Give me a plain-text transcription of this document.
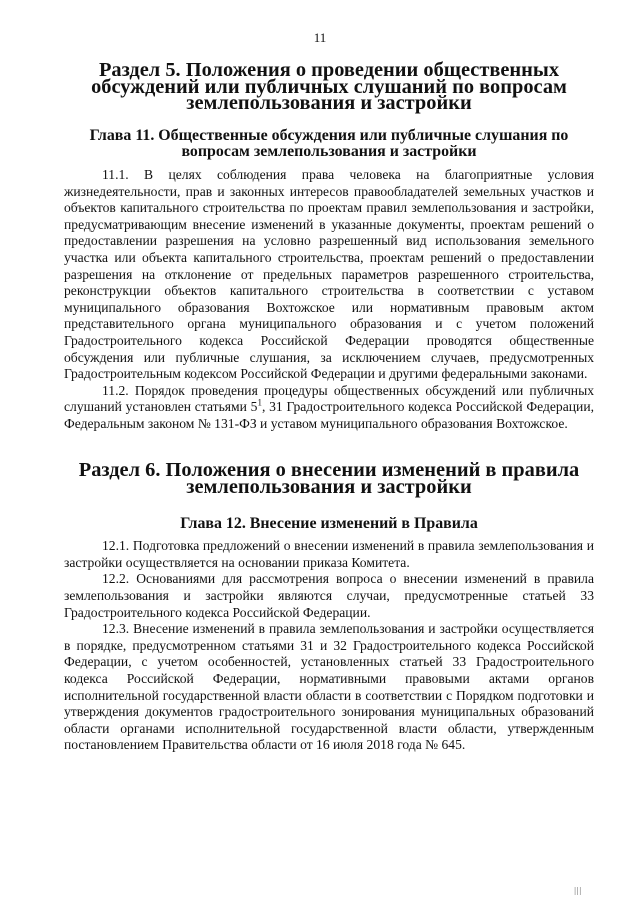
11
Раздел 5. Положения о проведении общественных обсуждений или публичных слушаний по вопросам землепользования и застройки
Глава 11. Общественные обсуждения или публичные слушания по вопросам землепользования и застройки

11.1. В целях соблюдения права человека на благоприятные условия жизнедеятельности, прав и законных интересов правообладателей земельных участков и объектов капитального строительства по проектам правил землепользования и застройки, предусматривающим внесение изменений в указанные документы, проектам решений о предоставлении разрешения на условно разрешенный вид использования земельного участка или объекта капитального строительства, проектам решений о предоставлении разрешения на отклонение от предельных параметров разрешенного строительства, реконструкции объектов капитального строительства в соответствии с уставом муниципального образования Вохтожское или нормативным правовым актом представительного органа муниципального образования и с учетом положений Градостроительного кодекса Российской Федерации проводятся общественные обсуждения или публичные слушания, за исключением случаев, предусмотренных Градостроительным кодексом Российской Федерации и другими федеральными законами.

11.2. Порядок проведения процедуры общественных обсуждений или публичных слушаний установлен статьями $5^1$, 31 Градостроительного кодекса Российской Федерации, Федеральным законом № 131-ФЗ и уставом муниципального образования Вохтожское.

Раздел 6. Положения о внесении изменений в правила землепользования и застройки
Глава 12. Внесение изменений в Правила

12.1. Подготовка предложений о внесении изменений в правила землепользования и застройки осуществляется на основании приказа Комитета.

12.2. Основаниями для рассмотрения вопроса о внесении изменений в правила землепользования и застройки являются случаи, предусмотренные статьей 33 Градостроительного кодекса Российской Федерации.

12.3. Внесение изменений в правила землепользования и застройки осуществляется в порядке, предусмотренном статьями 31 и 32 Градостроительного кодекса Российской Федерации, с учетом особенностей, установленных статьей 33 Градостроительного кодекса Российской Федерации, нормативными правовыми актами органов исполнительной государственной власти области в соответствии с Порядком подготовки и утверждения документов градостроительного зонирования муниципальных образований области органами исполнительной государственной власти области, утвержденным постановлением Правительства области от 16 июля 2018 года № 645.

|||
